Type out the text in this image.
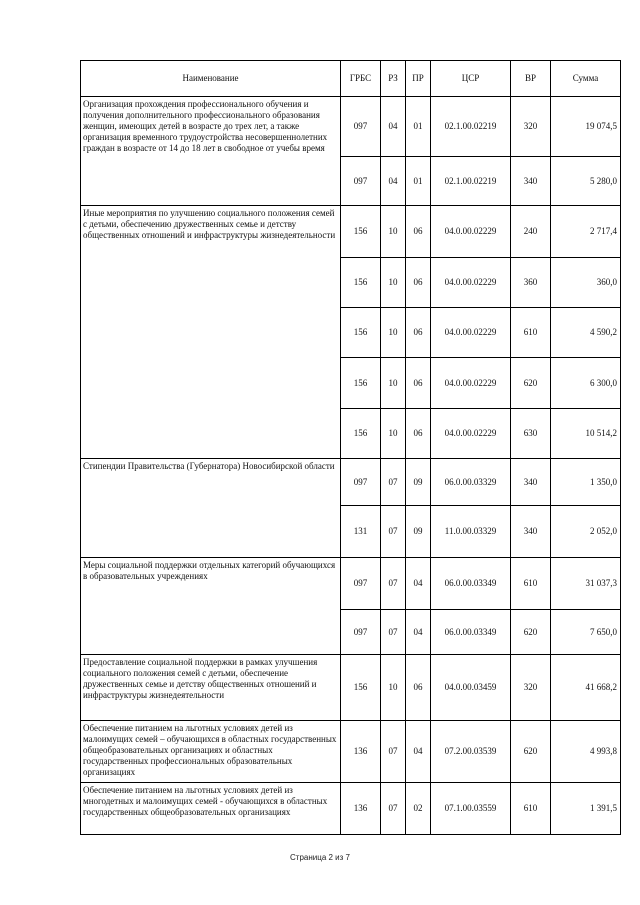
Наименование	ГРБС	РЗ	ПР	ЦСР	ВР	Сумма
Организация прохождения профессионального обучения и получения дополнительного профессионального образования женщин, имеющих детей в возрасте до трех лет, а также организация временного трудоустройства несовершеннолетних граждан в возрасте от 14 до 18 лет в свободное от учебы время	097	04	01	02.1.00.02219	320	19 074,5
	097	04	01	02.1.00.02219	340	5 280,0
Иные мероприятия по улучшению социального положения семей с детьми, обеспечению дружественных семье и детству общественных отношений и инфраструктуры жизнедеятельности	156	10	06	04.0.00.02229	240	2 717,4
	156	10	06	04.0.00.02229	360	360,0
	156	10	06	04.0.00.02229	610	4 590,2
	156	10	06	04.0.00.02229	620	6 300,0
	156	10	06	04.0.00.02229	630	10 514,2
Стипендии Правительства (Губернатора) Новосибирской области	097	07	09	06.0.00.03329	340	1 350,0
	131	07	09	11.0.00.03329	340	2 052,0
Меры социальной поддержки отдельных категорий обучающихся в образовательных учреждениях	097	07	04	06.0.00.03349	610	31 037,3
	097	07	04	06.0.00.03349	620	7 650,0
Предоставление социальной поддержки в рамках улучшения социального положения семей с детьми, обеспечение дружественных семье и детству общественных отношений и инфраструктуры жизнедеятельности	156	10	06	04.0.00.03459	320	41 668,2
Обеспечение питанием на льготных условиях детей из малоимущих семей – обучающихся в областных государственных общеобразовательных организациях и областных государственных профессиональных образовательных организациях	136	07	04	07.2.00.03539	620	4 993,8
Обеспечение питанием на льготных условиях детей из многодетных и малоимущих семей - обучающихся в областных государственных общеобразовательных организациях	136	07	02	07.1.00.03559	610	1 391,5
Страница 2 из 7
